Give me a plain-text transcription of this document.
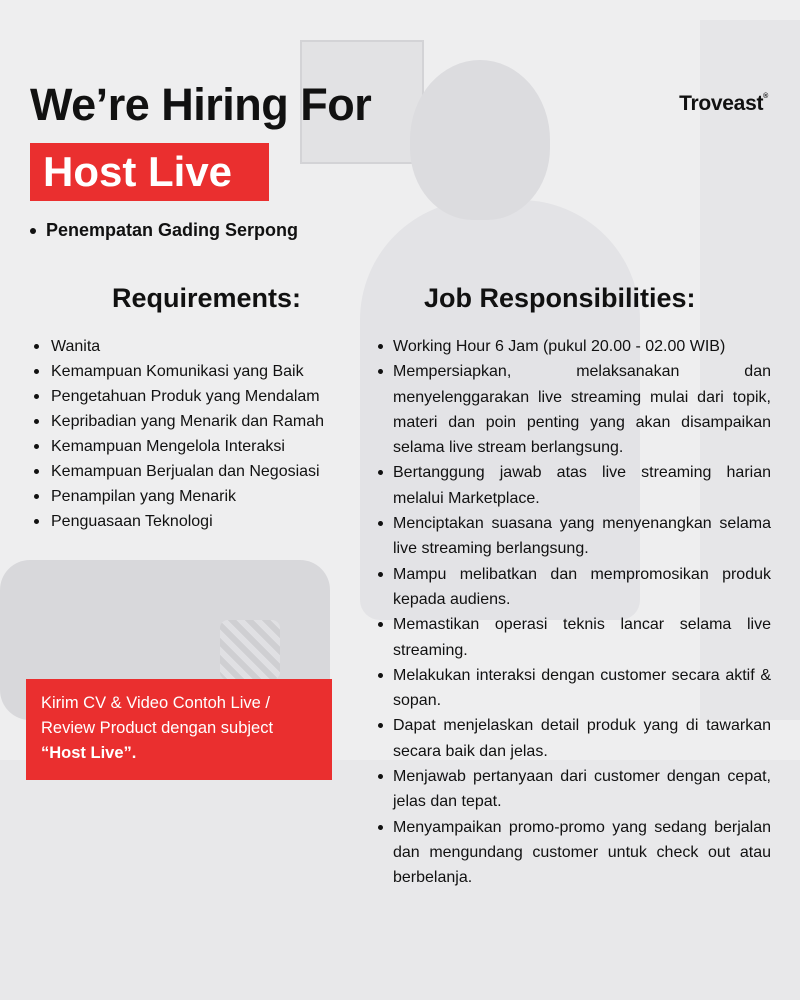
We’re Hiring For	Troveast®
Host Live
Penempatan Gading Serpong
Requirements:	Job Responsibilities:
Wanita
Kemampuan Komunikasi yang Baik
Pengetahuan Produk yang Mendalam
Kepribadian yang Menarik dan Ramah
Kemampuan Mengelola Interaksi
Kemampuan Berjualan dan Negosiasi
Penampilan yang Menarik
Penguasaan Teknologi
Working Hour 6 Jam (pukul 20.00 - 02.00 WIB)
Mempersiapkan, melaksanakan dan menyelenggarakan live streaming mulai dari topik, materi dan poin penting yang akan disampaikan selama live stream berlangsung.
Bertanggung jawab atas live streaming harian melalui Marketplace.
Menciptakan suasana yang menyenangkan selama live streaming berlangsung.
Mampu melibatkan dan mempromosikan produk kepada audiens.
Memastikan operasi teknis lancar selama live streaming.
Melakukan interaksi dengan customer secara aktif & sopan.
Dapat menjelaskan detail produk yang di tawarkan secara baik dan jelas.
Menjawab pertanyaan dari customer dengan cepat, jelas dan tepat.
Menyampaikan promo-promo yang sedang berjalan dan mengundang customer untuk check out atau berbelanja.
Kirim CV & Video Contoh Live / Review Product dengan subject
“Host Live”.
